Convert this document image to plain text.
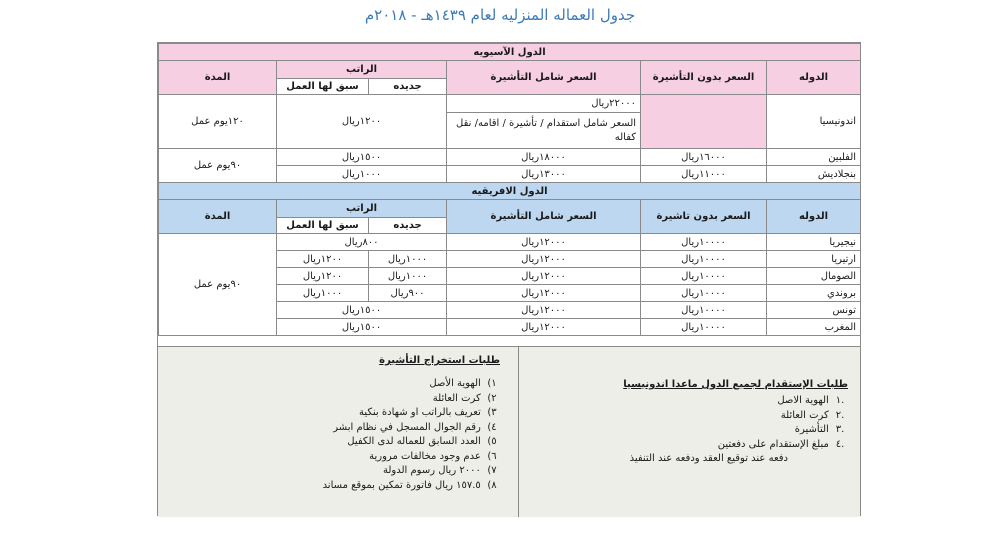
جدول العماله المنزليه لعام ١٤٣٩هـ - ٢٠١٨م
الدول الآسيويه					
الدوله	السعر بدون التأشيرة	السعر شامل التأشيرة	الراتب		المدة
			جديده	سبق لها العمل	
اندونيسيا		٢٢٠٠٠ريال	١٢٠٠ريال		١٢٠يوم عمل
		السعر شامل استقدام / تأشيرة / اقامه/ نقل كفاله			
الفلبين	١٦٠٠٠ريال	١٨٠٠٠ريال	١٥٠٠ريال		٩٠يوم عمل
بنجلاديش	١١٠٠٠ريال	١٣٠٠٠ريال	١٠٠٠ريال		
الدول الافريقيه					
الدوله	السعر بدون تاشيرة	السعر شامل التأشيرة	الراتب		المدة
			جديده	سبق لها العمل	
نيجيريا	١٠٠٠٠ريال	١٢٠٠٠ريال	٨٠٠ريال		٩٠يوم عمل
ارتيريا	١٠٠٠٠ريال	١٢٠٠٠ريال	١٠٠٠ريال	١٢٠٠ريال	
الصومال	١٠٠٠٠ريال	١٢٠٠٠ريال	١٠٠٠ريال	١٢٠٠ريال	
بروندي	١٠٠٠٠ريال	١٢٠٠٠ريال	٩٠٠ريال	١٠٠٠ريال	
تونس	١٠٠٠٠ريال	١٢٠٠٠ريال	١٥٠٠ريال		
المغرب	١٠٠٠٠ريال	١٢٠٠٠ريال	١٥٠٠ريال		
طلبات الإستقدام لجميع الدول ماعدا اندونيسيا
.١ الهوية الاصل
.٢ كرت العائلة
.٣ التأشيرة
.٤ مبلغ الإستقدام على دفعتين
دفعه عند توقيع العقد ودفعه عند التنفيذ
طلبات استخراج التأشيرة
١) الهوية الأصل
٢) كرت العائلة
٣) تعريف بالراتب او شهادة بنكية
٤) رقم الجوال المسجل في نظام ابشر
٥) العدد السابق للعماله لدى الكفيل
٦) عدم وجود مخالفات مرورية
٧) ٢٠٠٠ ريال رسوم الدولة
٨) ١٥٧.٥ ريال فاتورة تمكين بموقع مساند
